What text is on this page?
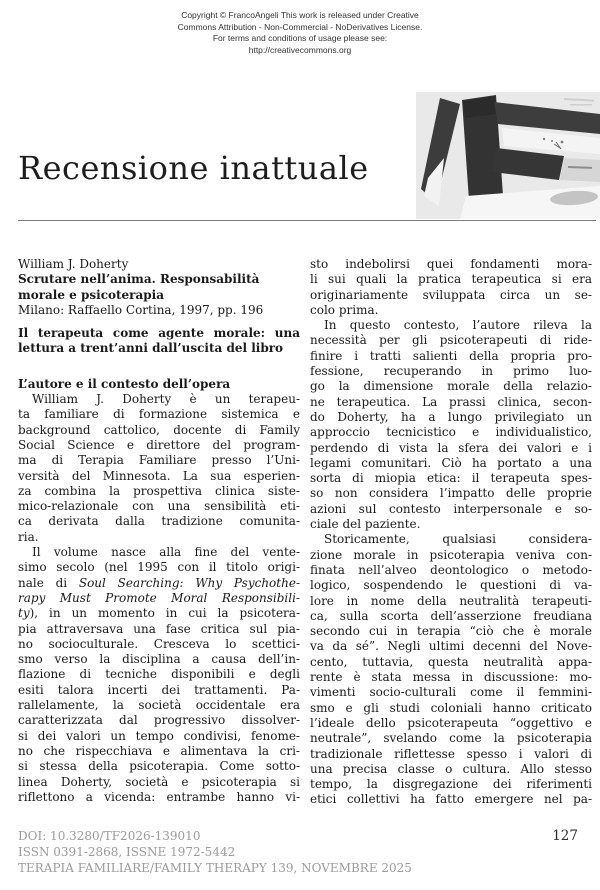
Copyright © FrancoAngeli This work is released under Creative
Commons Attribution - Non-Commercial - NoDerivatives License.
For terms and conditions of usage please see:
http://creativecommons.org
Recensione inattuale
William J. Doherty
Scrutare nell’anima. Responsabilità
morale e psicoterapia
Milano: Raffaello Cortina, 1997, pp. 196
Il terapeuta come agente morale: una
lettura a trent’anni dall’uscita del libro
L’autore e il contesto dell’opera
William J. Doherty è un terapeu-
ta familiare di formazione sistemica e
background cattolico, docente di Family
Social Science e direttore del program-
ma di Terapia Familiare presso l’Uni-
versità del Minnesota. La sua esperien-
za combina la prospettiva clinica siste-
mico-relazionale con una sensibilità eti-
ca derivata dalla tradizione comunita-
ria.
Il volume nasce alla fine del vente-
simo secolo (nel 1995 con il titolo origi-
nale di Soul Searching: Why Psychothe-
rapy Must Promote Moral Responsibili-
ty), in un momento in cui la psicotera-
pia attraversava una fase critica sul pia-
no socioculturale. Cresceva lo scettici-
smo verso la disciplina a causa dell’in-
flazione di tecniche disponibili e degli
esiti talora incerti dei trattamenti. Pa-
rallelamente, la società occidentale era
caratterizzata dal progressivo dissolver-
si dei valori un tempo condivisi, fenome-
no che rispecchiava e alimentava la cri-
si stessa della psicoterapia. Come sotto-
linea Doherty, società e psicoterapia si
riflettono a vicenda: entrambe hanno vi-
sto indebolirsi quei fondamenti mora-
li sui quali la pratica terapeutica si era
originariamente sviluppata circa un se-
colo prima.
In questo contesto, l’autore rileva la
necessità per gli psicoterapeuti di ride-
finire i tratti salienti della propria pro-
fessione, recuperando in primo luo-
go la dimensione morale della relazio-
ne terapeutica. La prassi clinica, secon-
do Doherty, ha a lungo privilegiato un
approccio tecnicistico e individualistico,
perdendo di vista la sfera dei valori e i
legami comunitari. Ciò ha portato a una
sorta di miopia etica: il terapeuta spes-
so non considera l’impatto delle proprie
azioni sul contesto interpersonale e so-
ciale del paziente.
Storicamente, qualsiasi considera-
zione morale in psicoterapia veniva con-
finata nell’alveo deontologico o metodo-
logico, sospendendo le questioni di va-
lore in nome della neutralità terapeuti-
ca, sulla scorta dell’asserzione freudiana
secondo cui in terapia “ciò che è morale
va da sé”. Negli ultimi decenni del Nove-
cento, tuttavia, questa neutralità appa-
rente è stata messa in discussione: mo-
vimenti socio-culturali come il femmini-
smo e gli studi coloniali hanno criticato
l’ideale dello psicoterapeuta “oggettivo e
neutrale”, svelando come la psicoterapia
tradizionale riflettesse spesso i valori di
una precisa classe o cultura. Allo stesso
tempo, la disgregazione dei riferimenti
etici collettivi ha fatto emergere nel pa-
DOI: 10.3280/TF2026-139010
ISSN 0391-2868, ISSNE 1972-5442
TERAPIA FAMILIARE/FAMILY THERAPY 139, NOVEMBRE 2025
127
